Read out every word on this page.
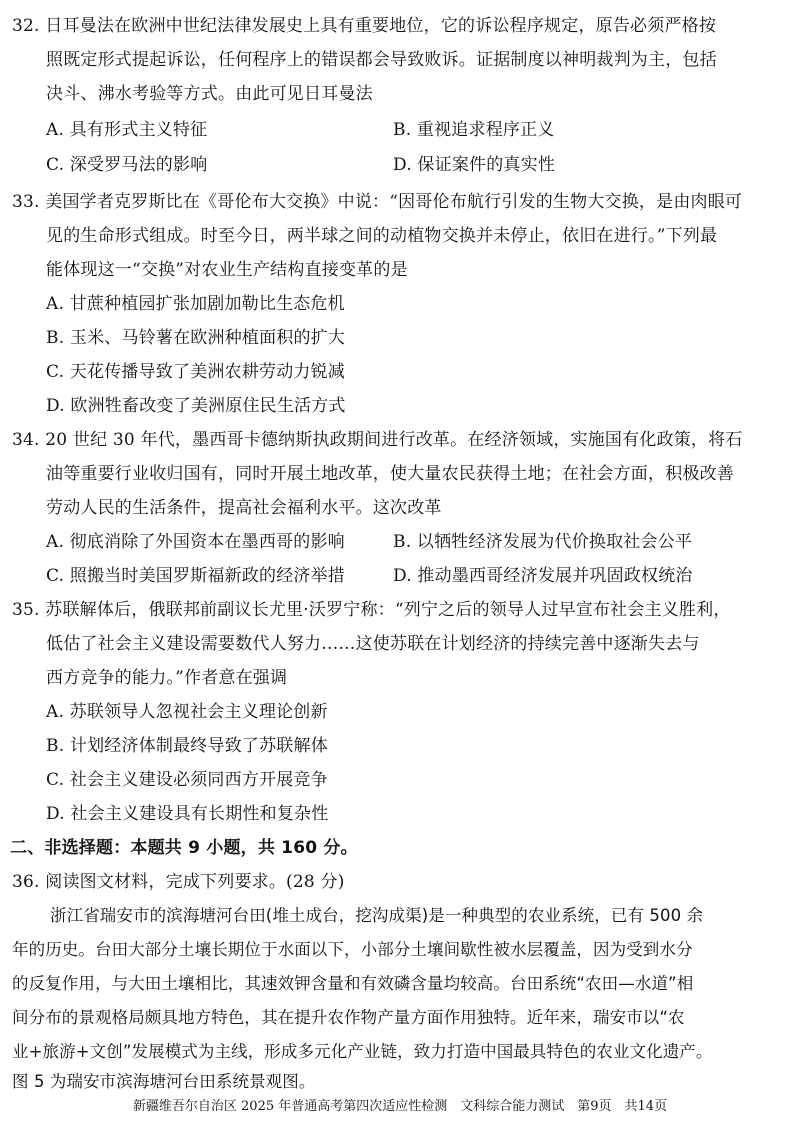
32. 日耳曼法在欧洲中世纪法律发展史上具有重要地位，它的诉讼程序规定，原告必须严格按
照既定形式提起诉讼，任何程序上的错误都会导致败诉。证据制度以神明裁判为主，包括
决斗、沸水考验等方式。由此可见日耳曼法
A. 具有形式主义特征	B. 重视追求程序正义
C. 深受罗马法的影响	D. 保证案件的真实性
33. 美国学者克罗斯比在《哥伦布大交换》中说：“因哥伦布航行引发的生物大交换，是由肉眼可
见的生命形式组成。时至今日，两半球之间的动植物交换并未停止，依旧在进行。”下列最
能体现这一“交换”对农业生产结构直接变革的是
A. 甘蔗种植园扩张加剧加勒比生态危机
B. 玉米、马铃薯在欧洲种植面积的扩大
C. 天花传播导致了美洲农耕劳动力锐减
D. 欧洲牲畜改变了美洲原住民生活方式
34. 20 世纪 30 年代，墨西哥卡德纳斯执政期间进行改革。在经济领域，实施国有化政策，将石
油等重要行业收归国有，同时开展土地改革，使大量农民获得土地；在社会方面，积极改善
劳动人民的生活条件，提高社会福利水平。这次改革
A. 彻底消除了外国资本在墨西哥的影响	B. 以牺牲经济发展为代价换取社会公平
C. 照搬当时美国罗斯福新政的经济举措	D. 推动墨西哥经济发展并巩固政权统治
35. 苏联解体后，俄联邦前副议长尤里·沃罗宁称：“列宁之后的领导人过早宣布社会主义胜利，
低估了社会主义建设需要数代人努力……这使苏联在计划经济的持续完善中逐渐失去与
西方竞争的能力。”作者意在强调
A. 苏联领导人忽视社会主义理论创新
B. 计划经济体制最终导致了苏联解体
C. 社会主义建设必须同西方开展竞争
D. 社会主义建设具有长期性和复杂性
二、非选择题：本题共 9 小题，共 160 分。
36. 阅读图文材料，完成下列要求。(28 分)
浙江省瑞安市的滨海塘河台田(堆土成台，挖沟成渠)是一种典型的农业系统，已有 500 余
年的历史。台田大部分土壤长期位于水面以下，小部分土壤间歇性被水层覆盖，因为受到水分
的反复作用，与大田土壤相比，其速效钾含量和有效磷含量均较高。台田系统“农田—水道”相
间分布的景观格局颇具地方特色，其在提升农作物产量方面作用独特。近年来，瑞安市以“农
业+旅游+文创”发展模式为主线，形成多元化产业链，致力打造中国最具特色的农业文化遗产。
图 5 为瑞安市滨海塘河台田系统景观图。
新疆维吾尔自治区 2025 年普通高考第四次适应性检测　文科综合能力测试　第9页　共14页
